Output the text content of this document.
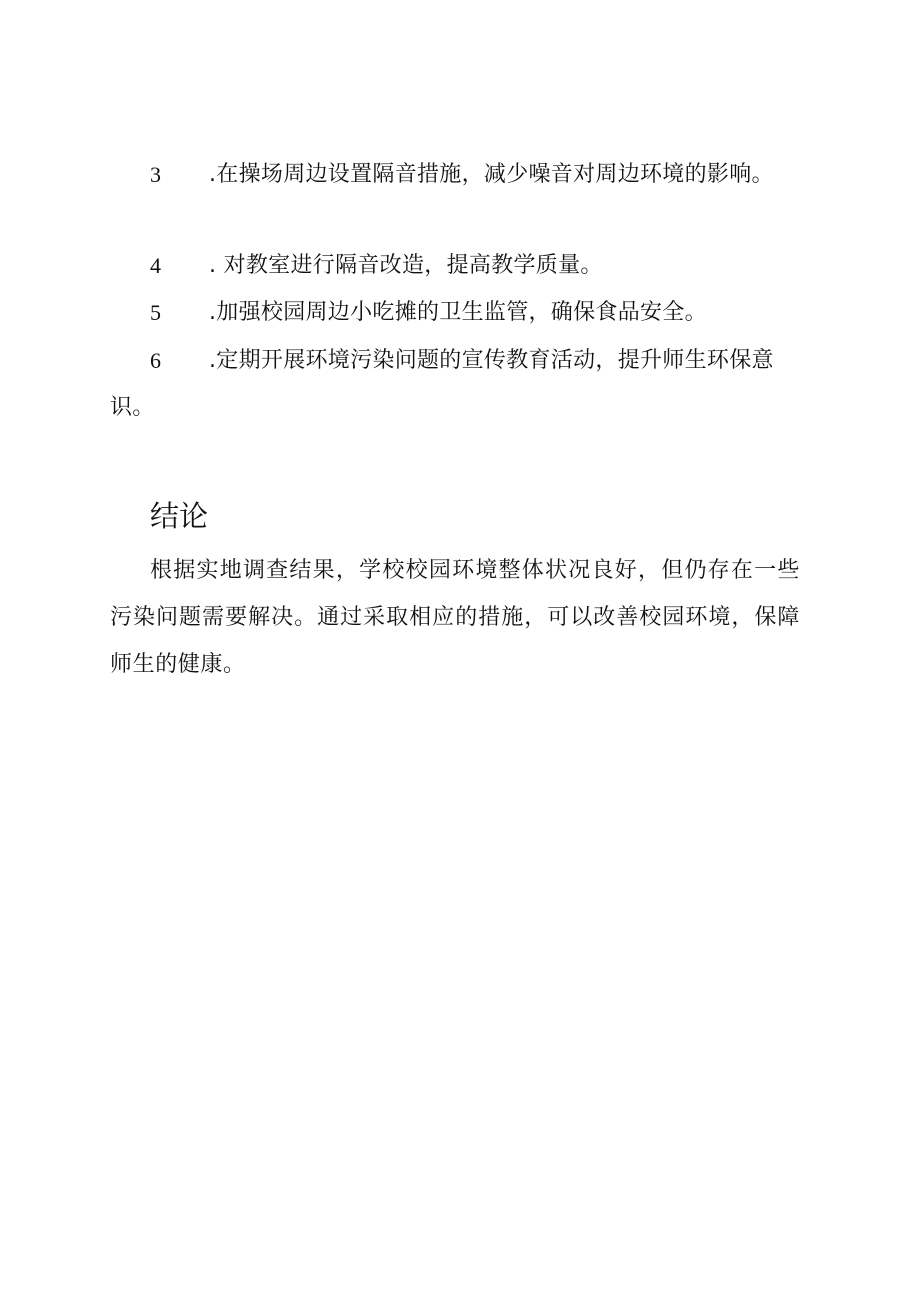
3	.在操场周边设置隔音措施，减少噪音对周边环境的影响。
4	. 对教室进行隔音改造，提高教学质量。
5	.加强校园周边小吃摊的卫生监管，确保食品安全。
6	.定期开展环境污染问题的宣传教育活动，提升师生环保意识。
结论

根据实地调查结果，学校校园环境整体状况良好，但仍存在一些污染问题需要解决。通过采取相应的措施，可以改善校园环境，保障师生的健康。
